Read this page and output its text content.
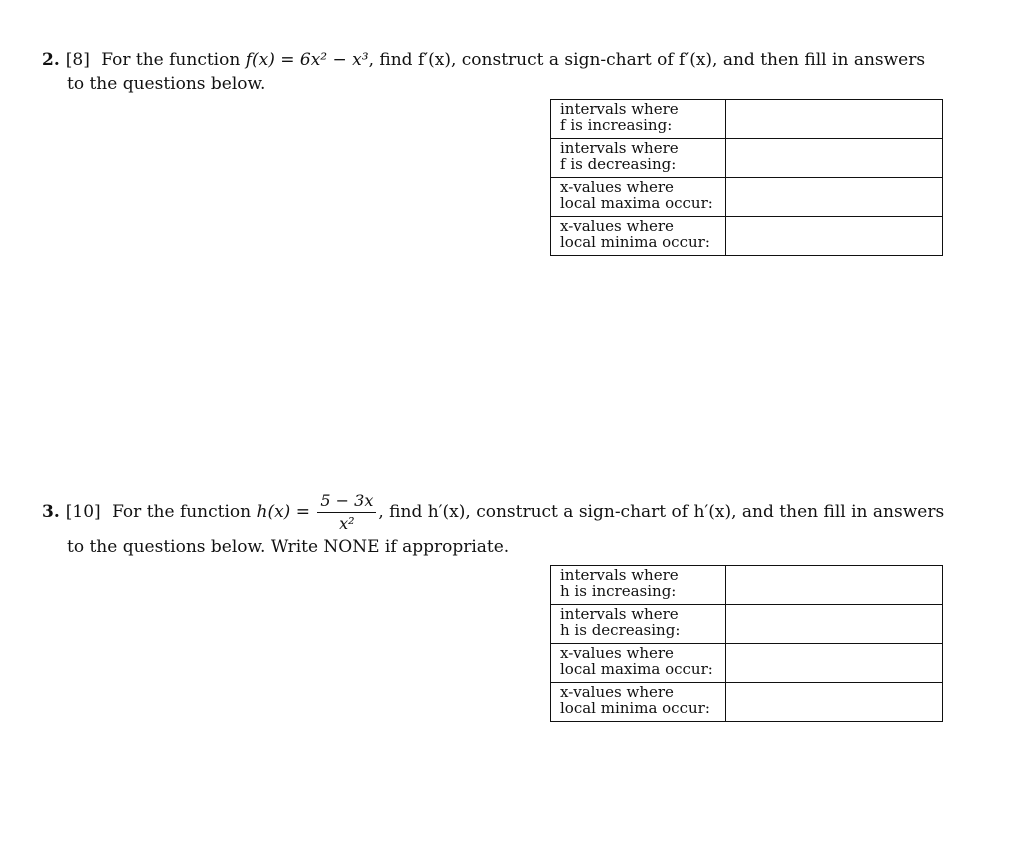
2. [8] For the function f(x) = 6x² − x³, find f′(x), construct a sign-chart of f′(x), and then fill in answers
to the questions below.
intervals where
f is increasing:	

intervals where
f is decreasing:	

x-values where
local maxima occur:	

x-values where
local minima occur:	

3. [10] For the function $h(x) = \frac{5 - 3x}{\text{x²}}$ , find h′(x), construct a sign-chart of h′(x), and then fill in answers
to the questions below. Write NONE if appropriate.
intervals where
h is increasing:	

intervals where
h is decreasing:	

x-values where
local maxima occur:	

x-values where
local minima occur:	
